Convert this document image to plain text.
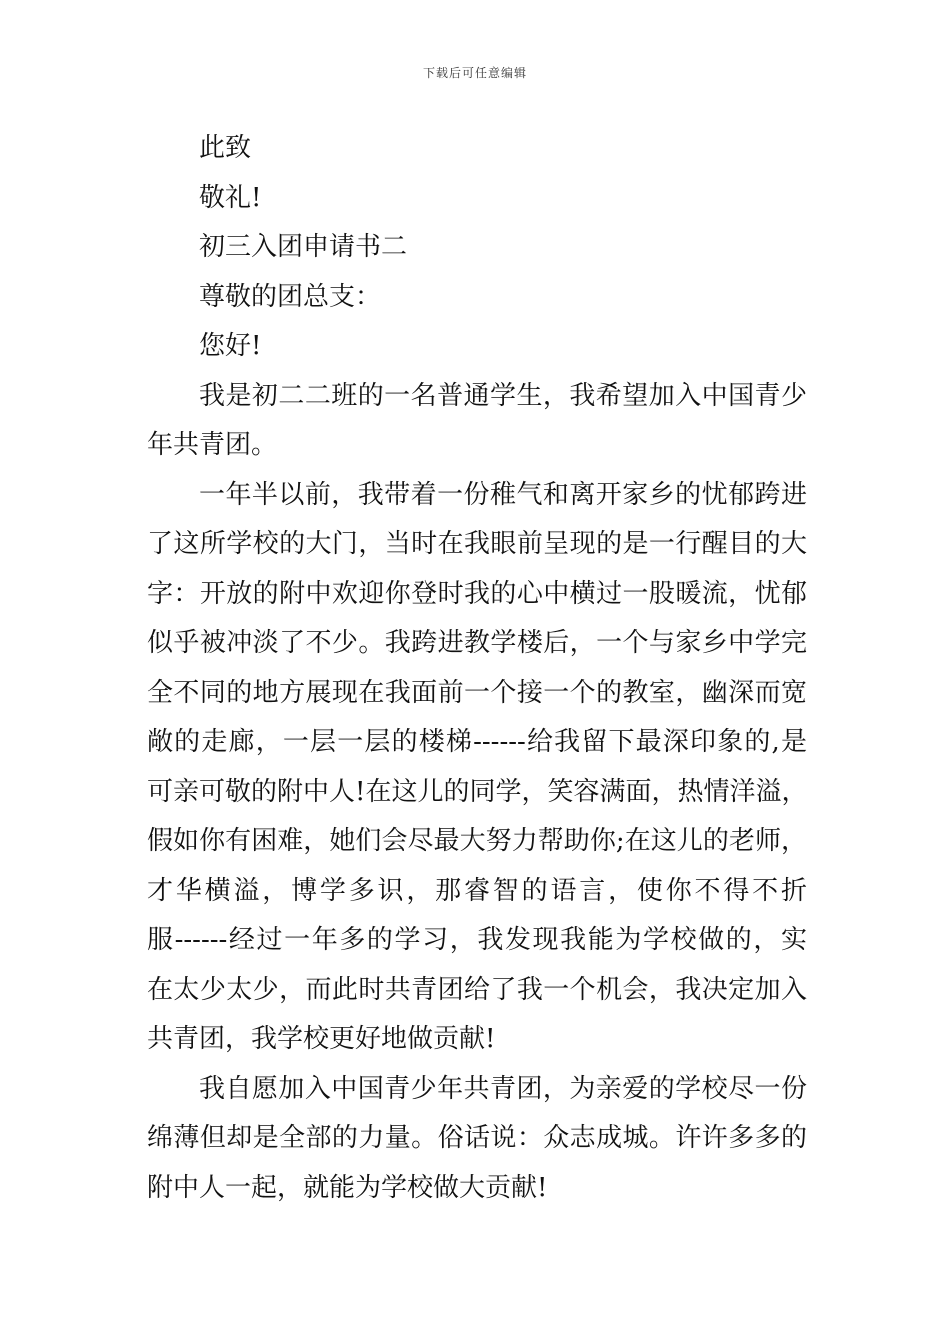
下载后可任意编辑
此致
敬礼!
初三入团申请书二
尊敬的团总支：
您好!
我是初二二班的一名普通学生，我希望加入中国青少
年共青团。
一年半以前，我带着一份稚气和离开家乡的忧郁跨进
了这所学校的大门，当时在我眼前呈现的是一行醒目的大
字：开放的附中欢迎你登时我的心中横过一股暖流，忧郁
似乎被冲淡了不少。我跨进教学楼后，一个与家乡中学完
全不同的地方展现在我面前一个接一个的教室，幽深而宽
敞的走廊，一层一层的楼梯------给我留下最深印象的,是
可亲可敬的附中人!在这儿的同学，笑容满面，热情洋溢，
假如你有困难，她们会尽最大努力帮助你;在这儿的老师，
才华横溢，博学多识，那睿智的语言，使你不得不折
服------经过一年多的学习，我发现我能为学校做的，实
在太少太少，而此时共青团给了我一个机会，我决定加入
共青团，我学校更好地做贡献!
我自愿加入中国青少年共青团，为亲爱的学校尽一份
绵薄但却是全部的力量。俗话说：众志成城。许许多多的
附中人一起，就能为学校做大贡献!
